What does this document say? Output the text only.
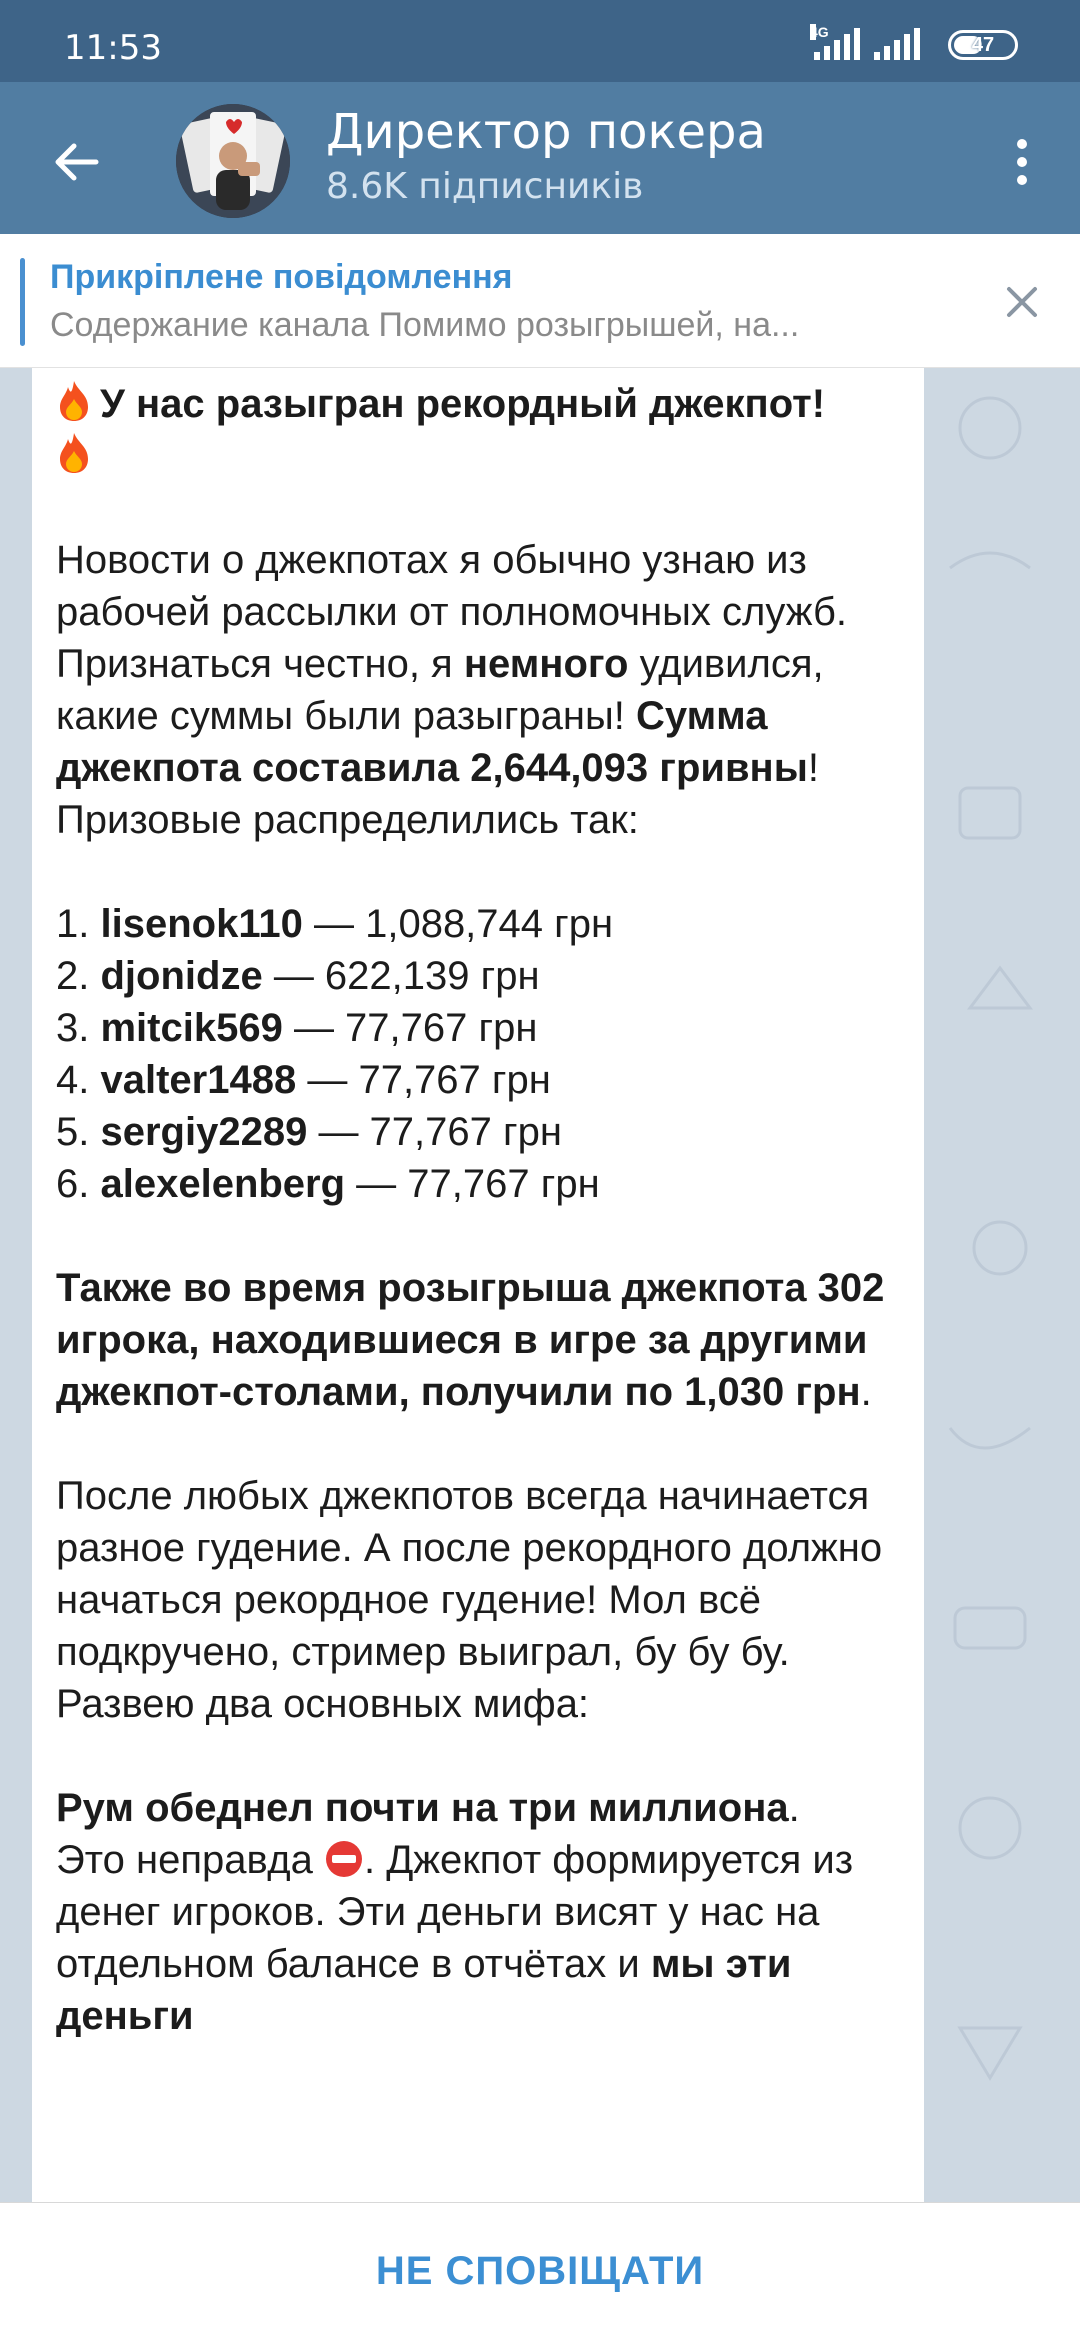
11:53	4G
47
Директор покера
8.6K підписників
Прикріплене повідомлення
Содержание канала Помимо розыгрышей, на...

У нас разыгран рекордный джекпот!

Новости о джекпотах я обычно узнаю из рабочей рассылки от полномочных служб. Признаться честно, я немного удивился, какие суммы были разыграны! Сумма джекпота составила 2,644,093 гривны! Призовые распределились так:

1. lisenok110 — 1,088,744 грн
2. djonidze — 622,139 грн
3. mitcik569 — 77,767 грн
4. valter1488 — 77,767 грн
5. sergiy2289 — 77,767 грн
6. alexelenberg — 77,767 грн

Также во время розыгрыша джекпота 302 игрока, находившиеся в игре за другими джекпот-столами, получили по 1,030 грн.

После любых джекпотов всегда начинается разное гудение. А после рекордного должно начаться рекордное гудение! Мол всё подкручено, стример выиграл, бу бу бу. Развею два основных мифа:

Рум обеднел почти на три миллиона.
Это неправда . Джекпот формируется из денег игроков. Эти деньги висят у нас на отдельном балансе в отчётах и мы эти деньги

НЕ СПОВІЩАТИ
